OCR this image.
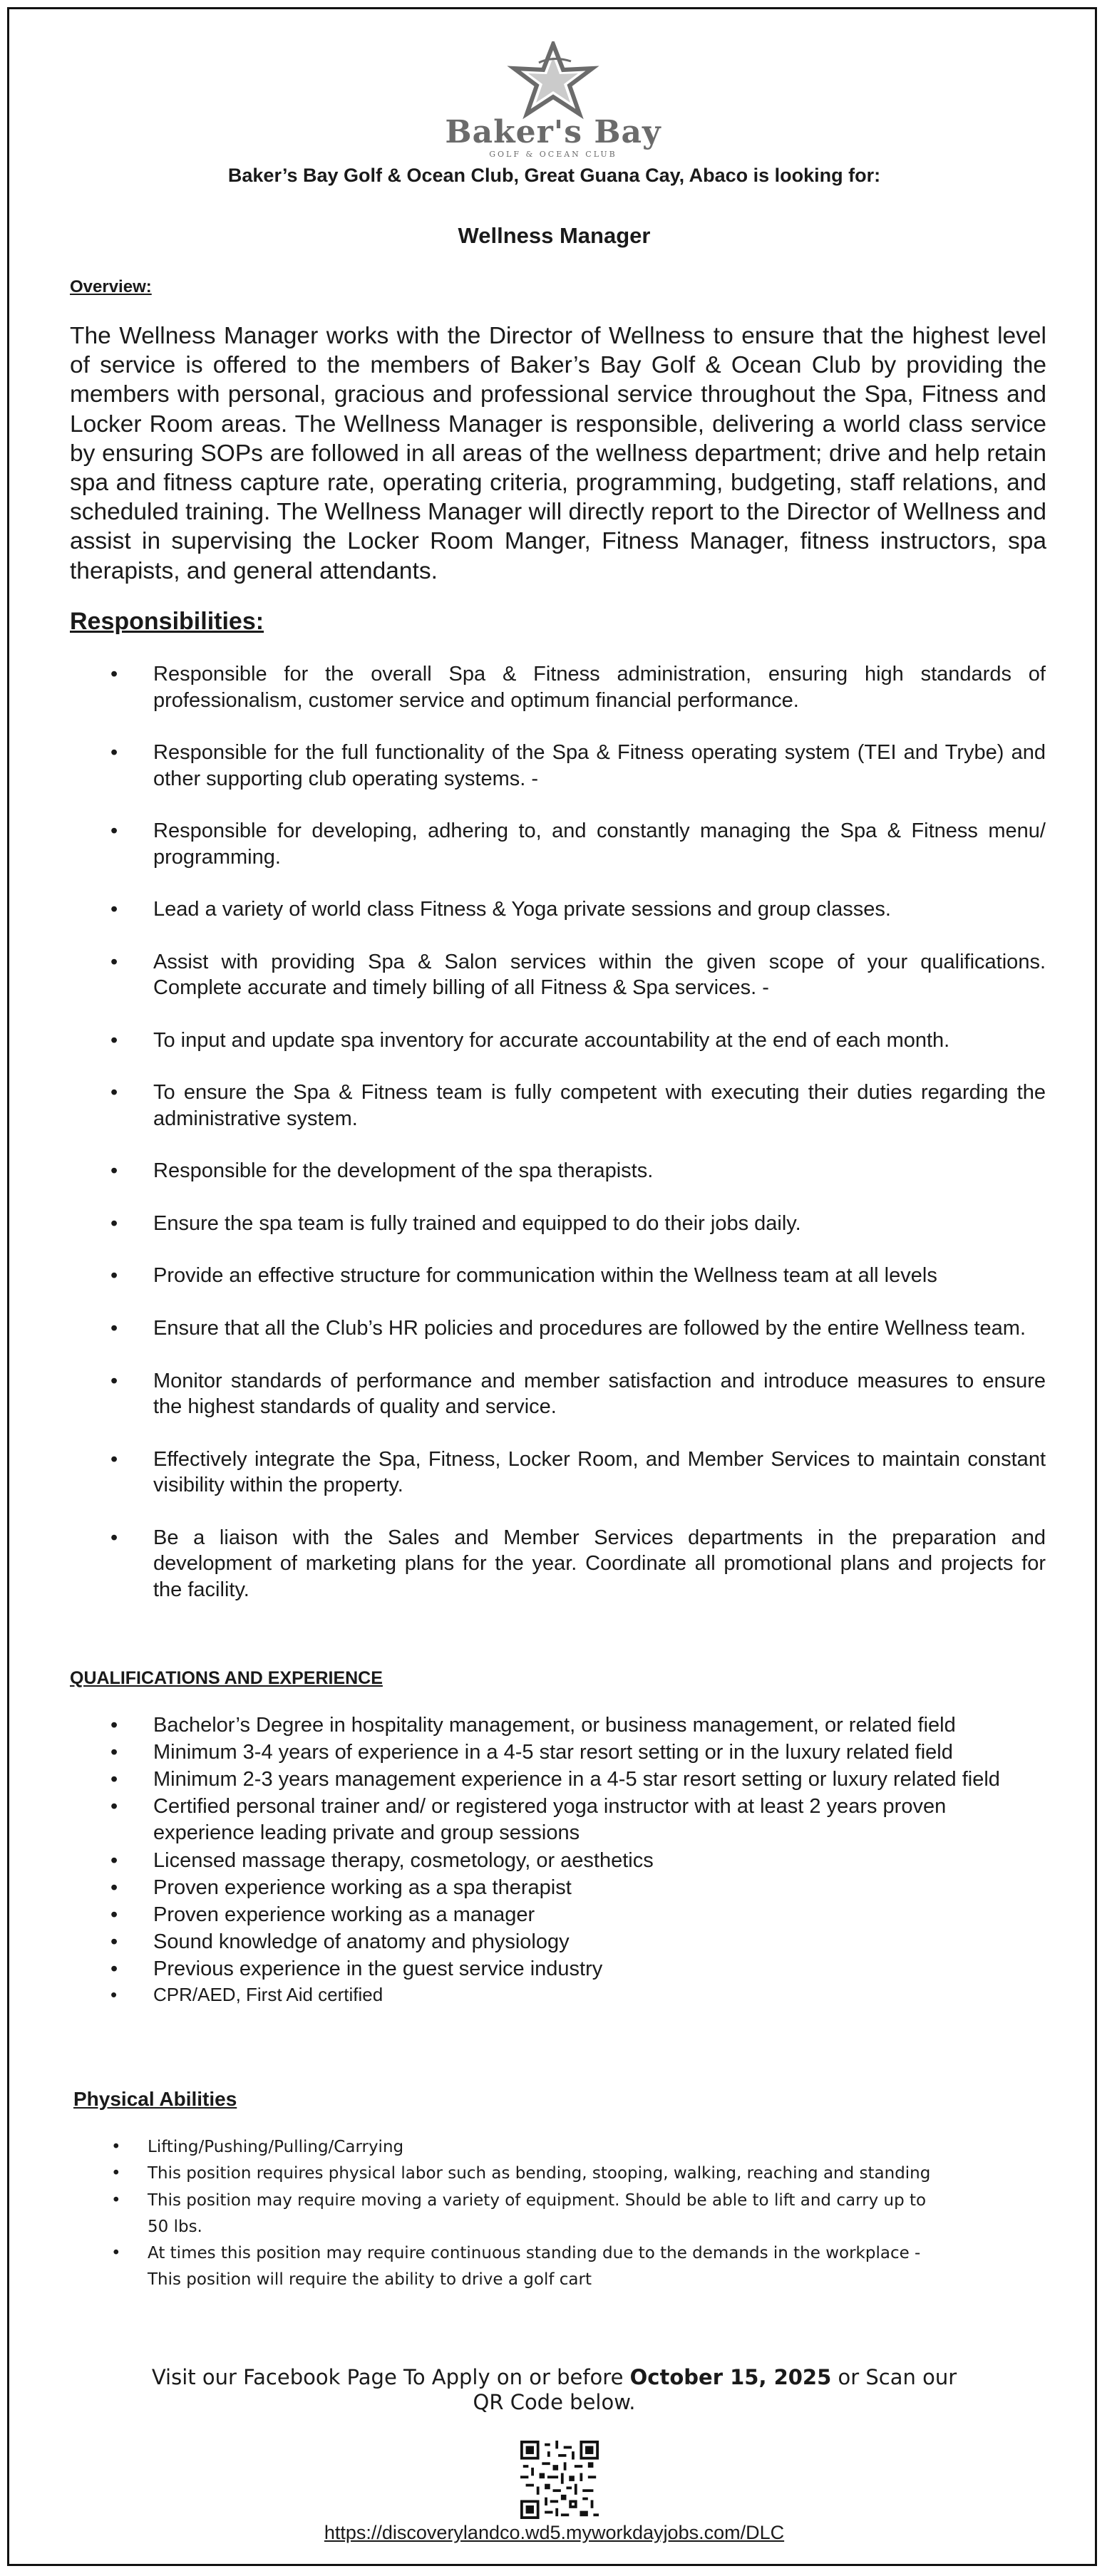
Baker's Bay
GOLF & OCEAN CLUB
Baker’s Bay Golf & Ocean Club, Great Guana Cay, Abaco is looking for:
Wellness Manager
Overview:

The Wellness Manager works with the Director of Wellness to ensure that the highest level of service is offered to the members of Baker’s Bay Golf & Ocean Club by providing the members with personal, gracious and professional service throughout the Spa, Fitness and Locker Room areas. The Wellness Manager is responsible, delivering a world class service by ensuring SOPs are followed in all areas of the wellness department; drive and help retain spa and fitness capture rate, operating criteria, programming, budgeting, staff relations, and scheduled training. The Wellness Manager will directly report to the Director of Wellness and assist in supervising the Locker Room Manger, Fitness Manager, fitness instructors, spa therapists, and general attendants.

Responsibilities:
• Responsible for the overall Spa & Fitness administration, ensuring high standards of professionalism, customer service and optimum financial performance.
• Responsible for the full functionality of the Spa & Fitness operating system (TEI and Trybe) and other supporting club operating systems. -
• Responsible for developing, adhering to, and constantly managing the Spa & Fitness menu/ programming.
• Lead a variety of world class Fitness & Yoga private sessions and group classes.
• Assist with providing Spa & Salon services within the given scope of your qualifications. Complete accurate and timely billing of all Fitness & Spa services. -
• To input and update spa inventory for accurate accountability at the end of each month.
• To ensure the Spa & Fitness team is fully competent with executing their duties regarding the administrative system.
• Responsible for the development of the spa therapists.
• Ensure the spa team is fully trained and equipped to do their jobs daily.
• Provide an effective structure for communication within the Wellness team at all levels
• Ensure that all the Club’s HR policies and procedures are followed by the entire Wellness team.
• Monitor standards of performance and member satisfaction and introduce measures to ensure the highest standards of quality and service.
• Effectively integrate the Spa, Fitness, Locker Room, and Member Services to maintain constant visibility within the property.
• Be a liaison with the Sales and Member Services departments in the preparation and development of marketing plans for the year. Coordinate all promotional plans and projects for the facility.
QUALIFICATIONS AND EXPERIENCE
• Bachelor’s Degree in hospitality management, or business management, or related field
• Minimum 3-4 years of experience in a 4-5 star resort setting or in the luxury related field
• Minimum 2-3 years management experience in a 4-5 star resort setting or luxury related field
• Certified personal trainer and/ or registered yoga instructor with at least 2 years proven experience leading private and group sessions
• Licensed massage therapy, cosmetology, or aesthetics
• Proven experience working as a spa therapist
• Proven experience working as a manager
• Sound knowledge of anatomy and physiology
• Previous experience in the guest service industry
• CPR/AED, First Aid certified
Physical Abilities
• Lifting/Pushing/Pulling/Carrying
• This position requires physical labor such as bending, stooping, walking, reaching and standing
• This position may require moving a variety of equipment. Should be able to lift and carry up to 50 lbs.
• At times this position may require continuous standing due to the demands in the workplace - This position will require the ability to drive a golf cart
Visit our Facebook Page To Apply on or before October 15, 2025 or Scan our QR Code below.
https://discoverylandco.wd5.myworkdayjobs.com/DLC
